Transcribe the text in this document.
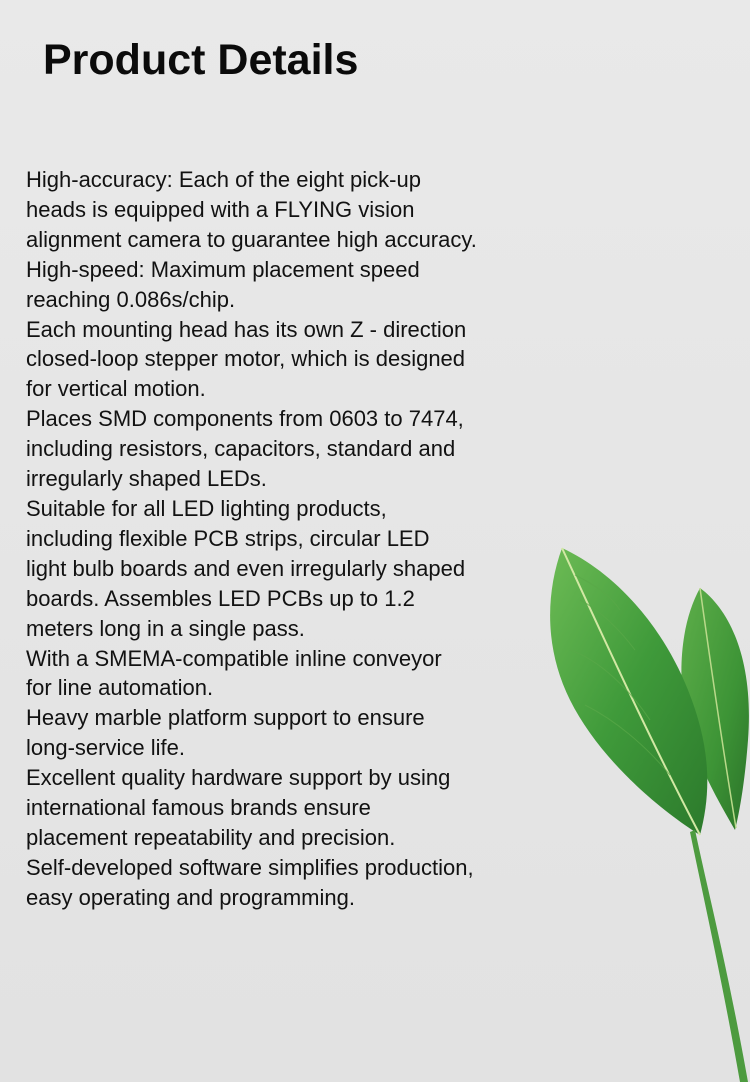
Product Details
High-accuracy: Each of the eight pick-up
heads is equipped with a FLYING vision
alignment camera to guarantee high accuracy.
High-speed: Maximum placement speed
reaching 0.086s/chip.
Each mounting head has its own Z - direction
closed-loop stepper motor, which is designed
for vertical motion.
Places SMD components from 0603 to 7474,
including resistors, capacitors, standard and
irregularly shaped LEDs.
Suitable for all LED lighting products,
including flexible PCB strips, circular LED
light bulb boards and even irregularly shaped
boards. Assembles LED PCBs up to 1.2
meters long in a single pass.
With a SMEMA-compatible inline conveyor
for line automation.
Heavy marble platform support to ensure
long-service life.
Excellent quality hardware support by using
international famous brands ensure
placement repeatability and precision.
Self-developed software simplifies production,
easy operating and programming.
